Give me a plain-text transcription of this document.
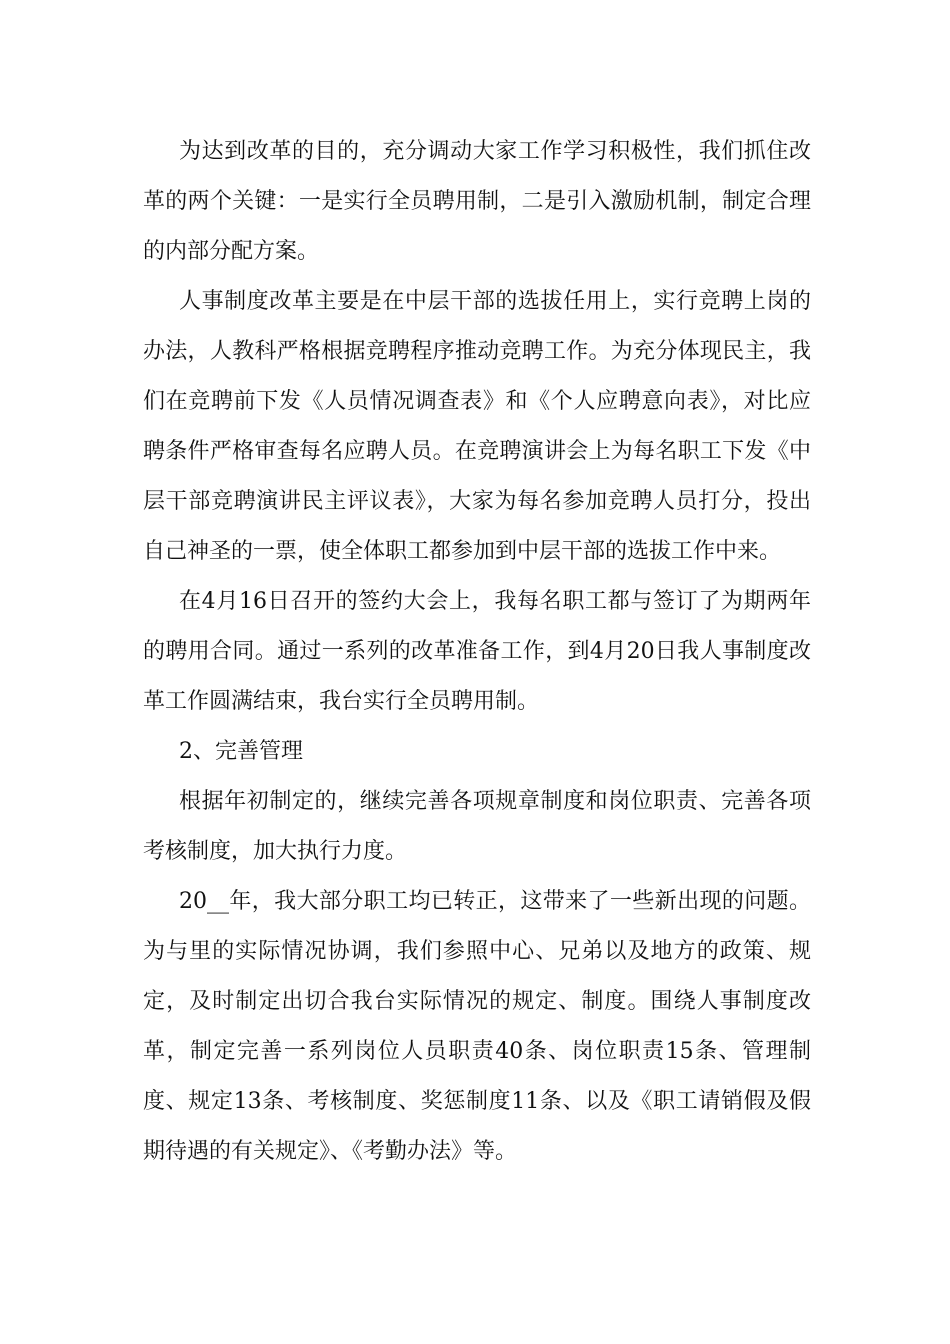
为达到改革的目的，充分调动大家工作学习积极性，我们抓住改革的两个关键：一是实行全员聘用制，二是引入激励机制，制定合理的内部分配方案。

人事制度改革主要是在中层干部的选拔任用上，实行竞聘上岗的办法，人教科严格根据竞聘程序推动竞聘工作。为充分体现民主，我们在竞聘前下发《人员情况调查表》和《个人应聘意向表》，对比应聘条件严格审查每名应聘人员。在竞聘演讲会上为每名职工下发《中层干部竞聘演讲民主评议表》，大家为每名参加竞聘人员打分，投出自己神圣的一票，使全体职工都参加到中层干部的选拔工作中来。

在4月16日召开的签约大会上，我每名职工都与签订了为期两年的聘用合同。通过一系列的改革准备工作，到4月20日我人事制度改革工作圆满结束，我台实行全员聘用制。

2、完善管理

根据年初制定的，继续完善各项规章制度和岗位职责、完善各项考核制度，加大执行力度。

20__年，我大部分职工均已转正，这带来了一些新出现的问题。为与里的实际情况协调，我们参照中心、兄弟以及地方的政策、规定，及时制定出切合我台实际情况的规定、制度。围绕人事制度改革，制定完善一系列岗位人员职责40条、岗位职责15条、管理制度、规定13条、考核制度、奖惩制度11条、以及《职工请销假及假期待遇的有关规定》、《考勤办法》等。
